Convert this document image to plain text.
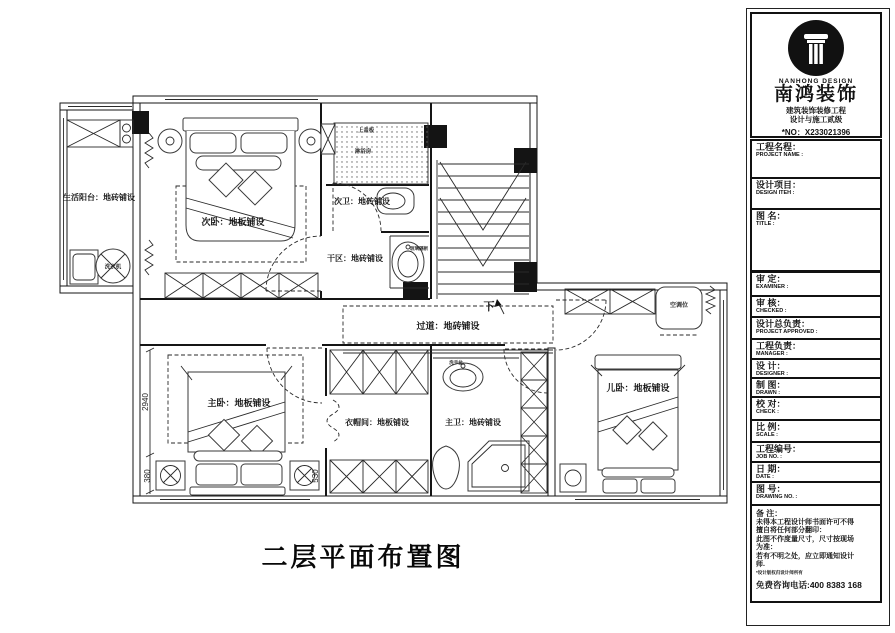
洗衣机
次卧：地板铺设
上盖板
淋浴房
次卫：地砖铺设
干区：地砖铺设
玻璃隔断
下
过道：地砖铺设
主卧：地板铺设
衣帽间：地板铺设
洗手盆
主卫：地砖铺设
空调位
儿卧：地板铺设
生活阳台：地砖铺设
2940
380	530
二层平面布置图
NANHONG DESIGN
南鸿装饰
建筑装饰装修工程
设计与施工贰级
*NO：X233021396
工程名程：
PROJECT NAME :
设计项目：
DESIGN ITEH :
图 名：
TITLE :
审 定：
EXAMINER :
审 核：
CHECKED :
设计总负责：
PROJECT APPROVED :
工程负责：
MANAGER :
设 计：
DESIGNER :
制 图：
DRAWN :
校 对：
CHECK :
比 例：
SCALE :
工程编号：
JOB NO. :
日 期：
DATE :
图 号：
DRAWING NO. :
备 注：
未得本工程设计师书面许可不得
擅自将任何部分翻印：
此图不作度量尺寸，尺寸按现场
为准：
若有不明之处，应立即通知设计
师.
*设计版权归设计师所有
免费咨询电话:400 8383 168
